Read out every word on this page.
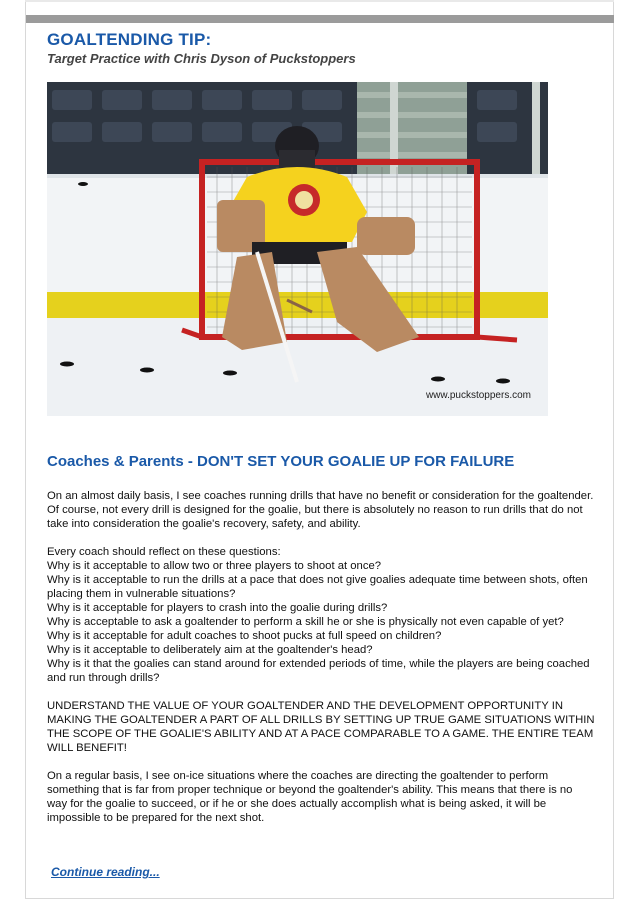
GOALTENDING TIP:
Target Practice with Chris Dyson of Puckstoppers
www.puckstoppers.com
Coaches & Parents - DON'T SET YOUR GOALIE UP FOR FAILURE

On an almost daily basis, I see coaches running drills that have no benefit or consideration for the goaltender. Of course, not every drill is designed for the goalie, but there is absolutely no reason to run drills that do not take into consideration the goalie's recovery, safety, and ability.

Every coach should reflect on these questions:
Why is it acceptable to allow two or three players to shoot at once?
Why is it acceptable to run the drills at a pace that does not give goalies adequate time between shots, often placing them in vulnerable situations?
Why is it acceptable for players to crash into the goalie during drills?
Why is acceptable to ask a goaltender to perform a skill he or she is physically not even capable of yet?
Why is it acceptable for adult coaches to shoot pucks at full speed on children?
Why is it acceptable to deliberately aim at the goaltender's head?
Why is it that the goalies can stand around for extended periods of time, while the players are being coached and run through drills?

UNDERSTAND THE VALUE OF YOUR GOALTENDER AND THE DEVELOPMENT OPPORTUNITY IN MAKING THE GOALTENDER A PART OF ALL DRILLS BY SETTING UP TRUE GAME SITUATIONS WITHIN THE SCOPE OF THE GOALIE'S ABILITY AND AT A PACE COMPARABLE TO A GAME. THE ENTIRE TEAM WILL BENEFIT!

On a regular basis, I see on-ice situations where the coaches are directing the goaltender to perform something that is far from proper technique or beyond the goaltender's ability. This means that there is no way for the goalie to succeed, or if he or she does actually accomplish what is being asked, it will be impossible to be prepared for the next shot.

Continue reading...
